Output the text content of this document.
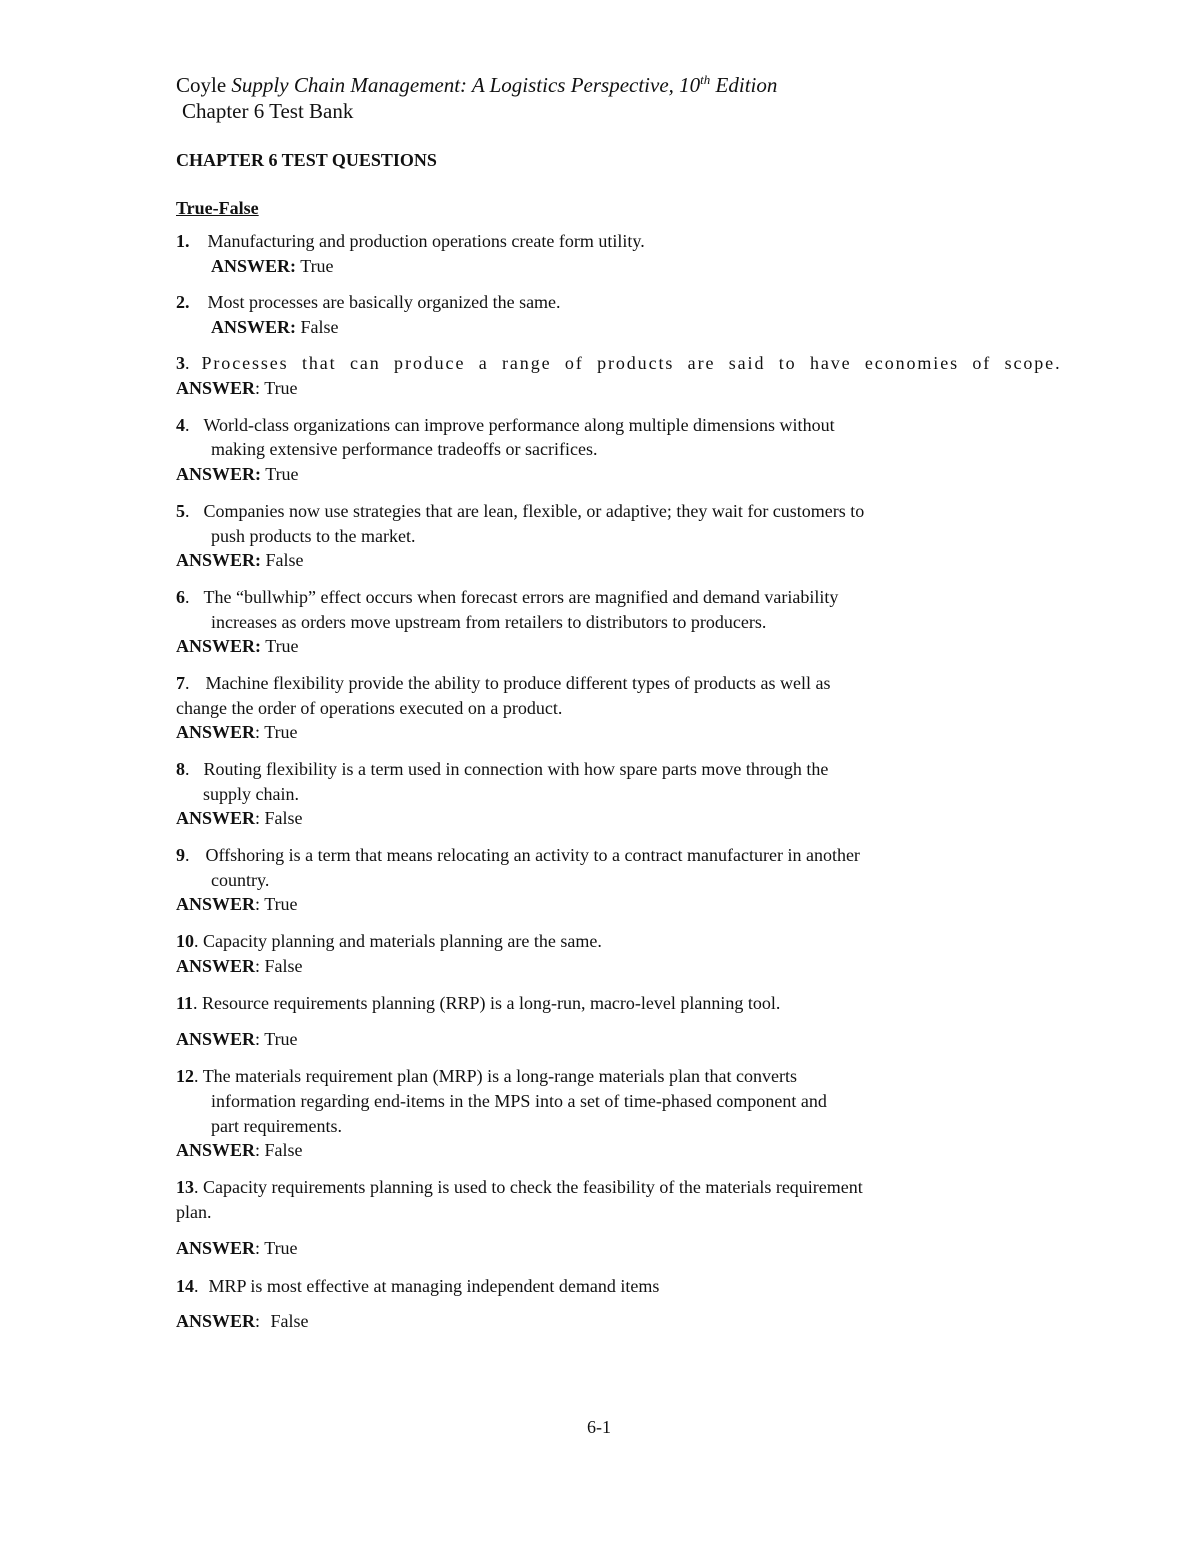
Coyle Supply Chain Management: A Logistics Perspective, 10th Edition
Chapter 6 Test Bank
CHAPTER 6 TEST QUESTIONS
True-False
1. Manufacturing and production operations create form utility.
ANSWER: True
2. Most processes are basically organized the same.
ANSWER: False
3. Processes that can produce a range of products are said to have economies of scope.
ANSWER: True
4. World-class organizations can improve performance along multiple dimensions without
making extensive performance tradeoffs or sacrifices.
ANSWER: True
5. Companies now use strategies that are lean, flexible, or adaptive; they wait for customers to
push products to the market.
ANSWER: False
6. The “bullwhip” effect occurs when forecast errors are magnified and demand variability
increases as orders move upstream from retailers to distributors to producers.
ANSWER: True
7. Machine flexibility provide the ability to produce different types of products as well as
change the order of operations executed on a product.
ANSWER: True
8. Routing flexibility is a term used in connection with how spare parts move through the
supply chain.
ANSWER: False
9. Offshoring is a term that means relocating an activity to a contract manufacturer in another
country.
ANSWER: True
10. Capacity planning and materials planning are the same.
ANSWER: False
11. Resource requirements planning (RRP) is a long-run, macro-level planning tool.
ANSWER: True
12. The materials requirement plan (MRP) is a long-range materials plan that converts
information regarding end-items in the MPS into a set of time-phased component and
part requirements.
ANSWER: False
13. Capacity requirements planning is used to check the feasibility of the materials requirement
plan.
ANSWER: True
14. MRP is most effective at managing independent demand items
ANSWER: False
6-1
